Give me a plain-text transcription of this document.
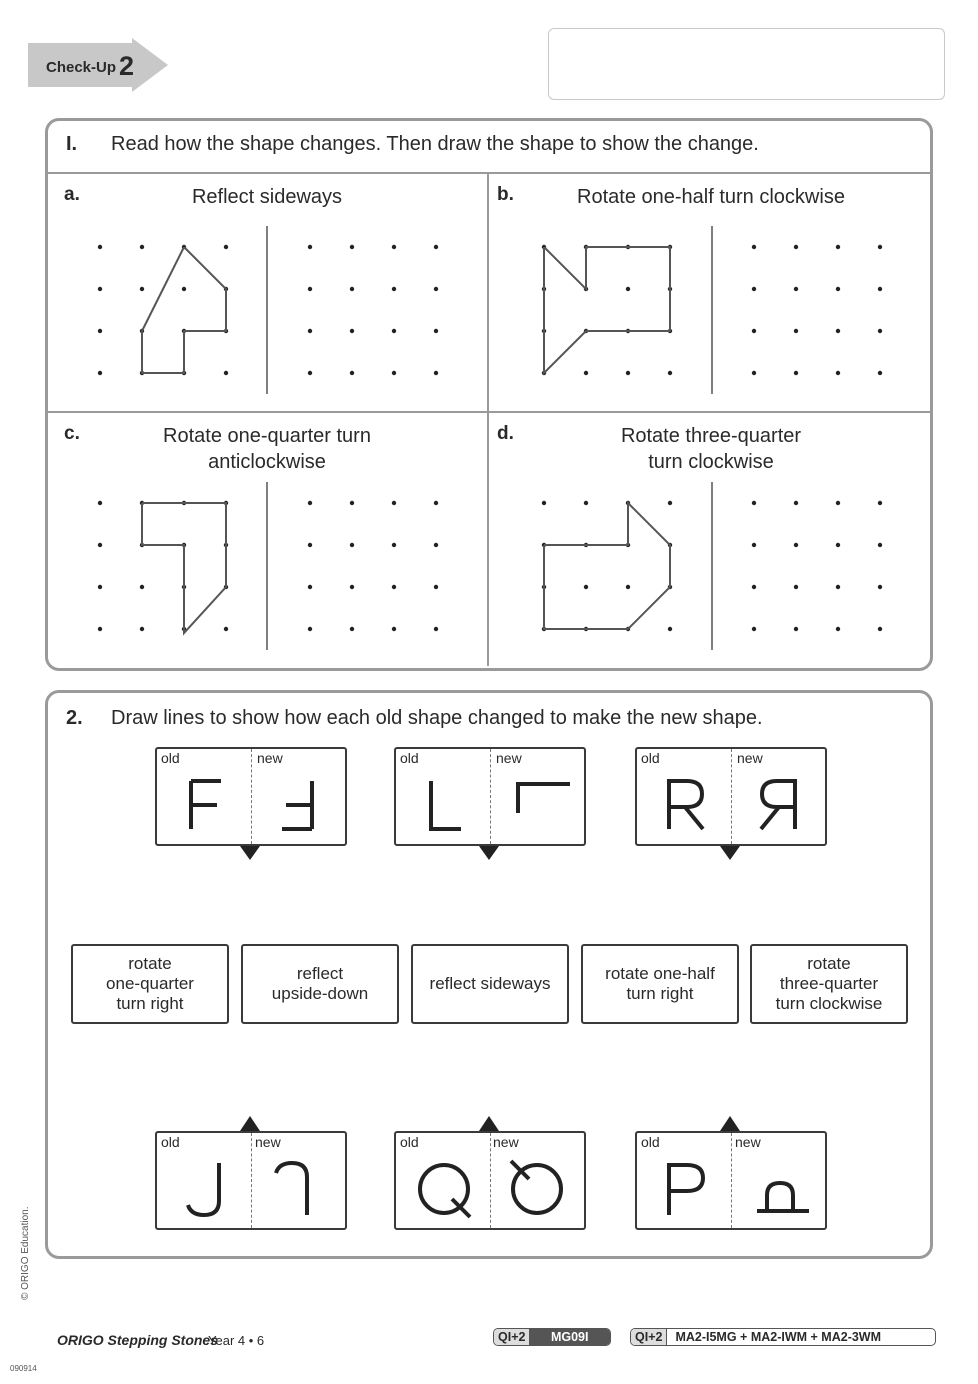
Check-Up 2
I. Read how the shape changes. Then draw the shape to show the change.
a.	Reflect sideways	b.	Rotate one-half turn clockwise
c.	Rotate one-quarter turn
anticlockwise
d.	Rotate three-quarter
turn clockwise
2. Draw lines to show how each old shape changed to make the new shape.
old	new	old	new	old	new
rotate
one-quarter
turn right
reflect
upside-down
reflect sideways
rotate one-half
turn right
rotate
three-quarter
turn clockwise
old	new	old	new	old	new
ORIGO Stepping Stones
Year 4 • 6	QI+2	MG09I	QI+2	MA2-I5MG + MA2-IWM + MA2-3WM
© ORIGO Education.
090914
